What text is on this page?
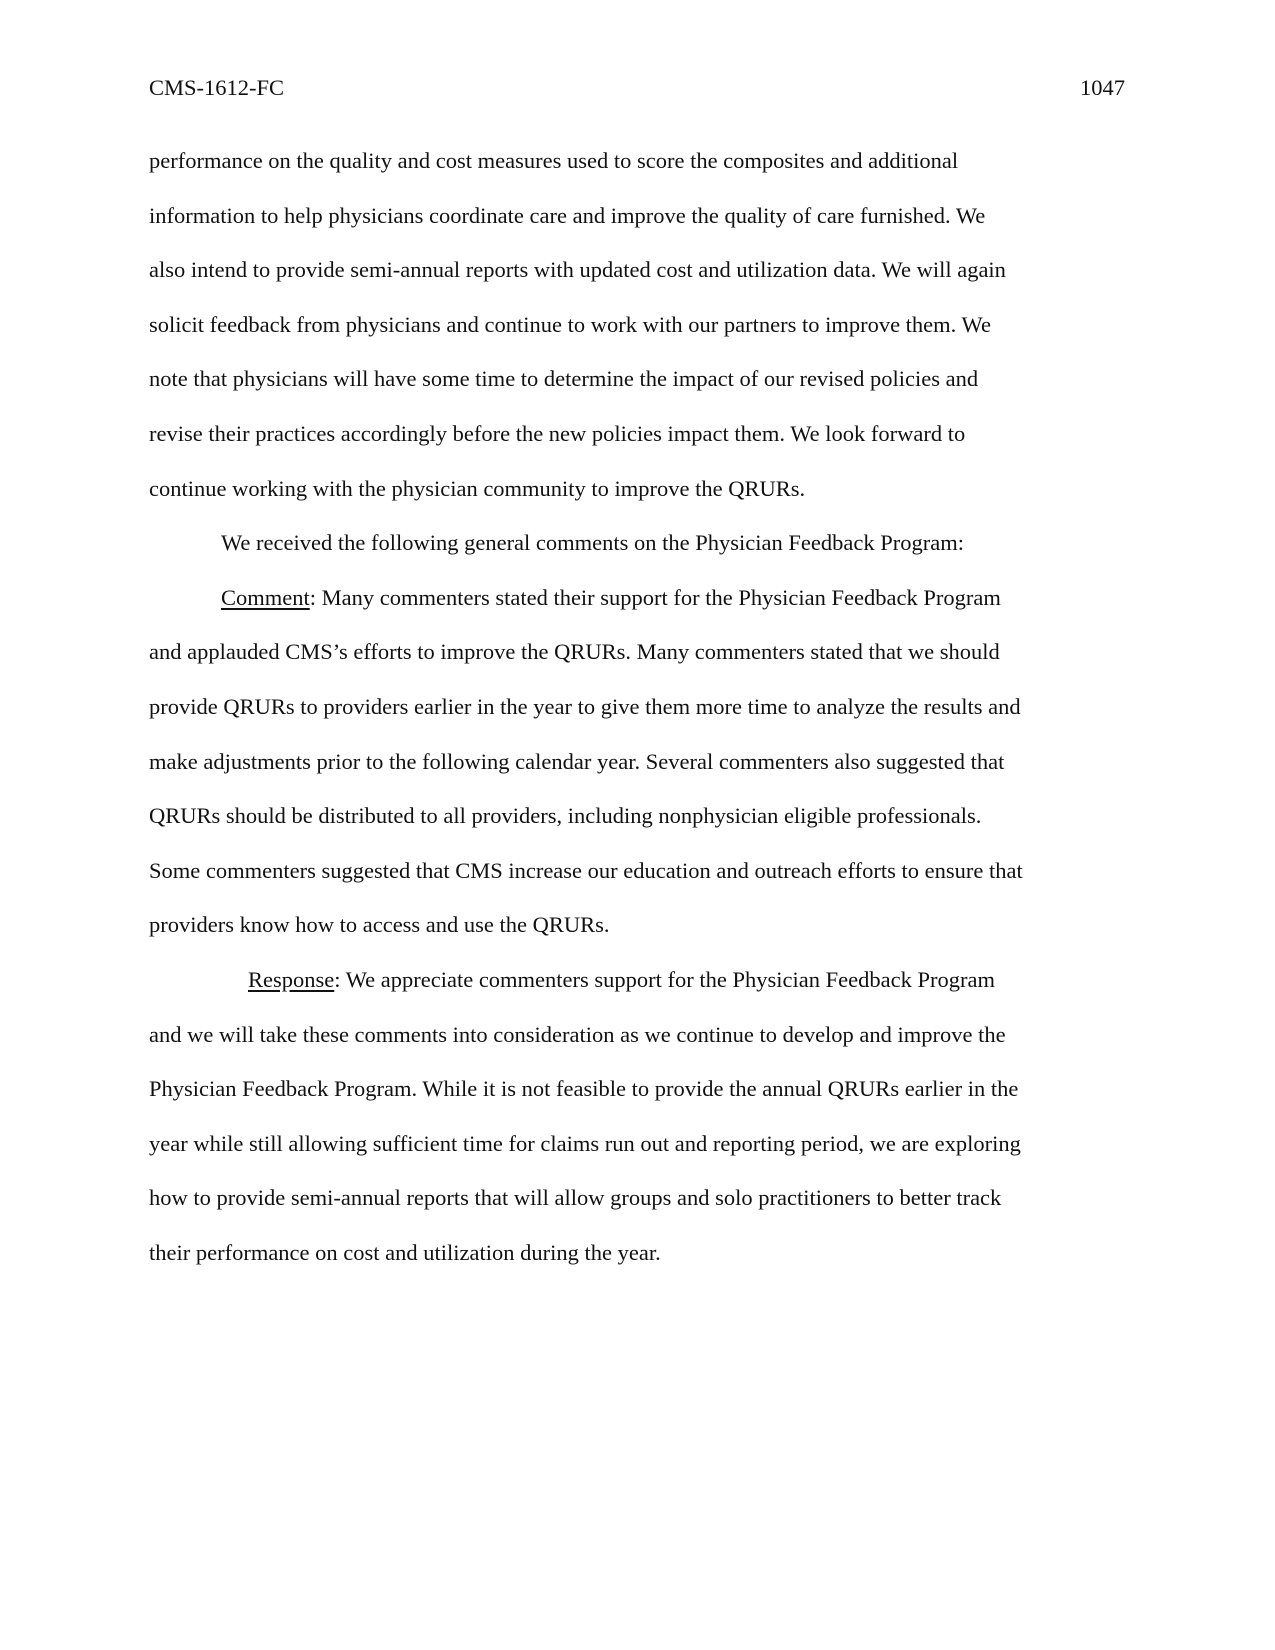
CMS-1612-FC	1047
performance on the quality and cost measures used to score the composites and additional
information to help physicians coordinate care and improve the quality of care furnished. We
also intend to provide semi-annual reports with updated cost and utilization data. We will again
solicit feedback from physicians and continue to work with our partners to improve them. We
note that physicians will have some time to determine the impact of our revised policies and
revise their practices accordingly before the new policies impact them. We look forward to
continue working with the physician community to improve the QRURs.
We received the following general comments on the Physician Feedback Program:
Comment: Many commenters stated their support for the Physician Feedback Program
and applauded CMS’s efforts to improve the QRURs. Many commenters stated that we should
provide QRURs to providers earlier in the year to give them more time to analyze the results and
make adjustments prior to the following calendar year. Several commenters also suggested that
QRURs should be distributed to all providers, including nonphysician eligible professionals.
Some commenters suggested that CMS increase our education and outreach efforts to ensure that
providers know how to access and use the QRURs.
Response: We appreciate commenters support for the Physician Feedback Program
and we will take these comments into consideration as we continue to develop and improve the
Physician Feedback Program. While it is not feasible to provide the annual QRURs earlier in the
year while still allowing sufficient time for claims run out and reporting period, we are exploring
how to provide semi-annual reports that will allow groups and solo practitioners to better track
their performance on cost and utilization during the year.
